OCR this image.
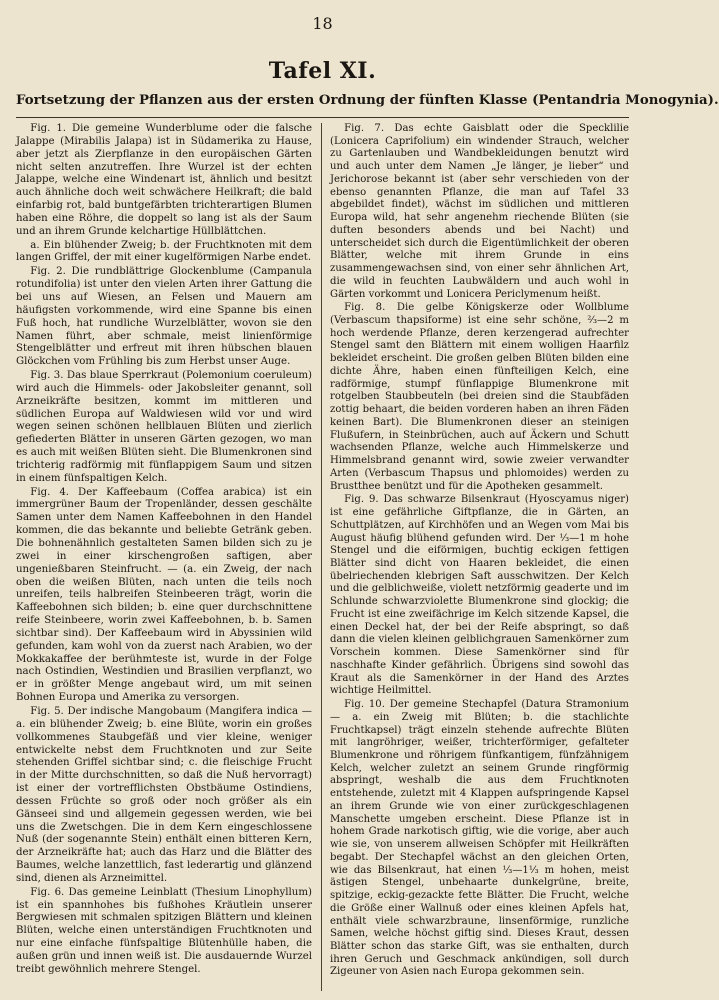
18
Tafel XI.
Fortsetzung der Pflanzen aus der ersten Ordnung der fünften Klasse (Pentandria Monogynia).

Fig. 1. Die gemeine Wunderblume oder die falsche Jalappe (Mirabilis Jalapa) ist in Südamerika zu Hause, aber jetzt als Zierpflanze in den europäischen Gärten nicht selten anzutreffen. Ihre Wurzel ist der echten Jalappe, welche eine Windenart ist, ähnlich und besitzt auch ähnliche doch weit schwächere Heilkraft; die bald einfarbig rot, bald buntgefärbten trichterartigen Blumen haben eine Röhre, die doppelt so lang ist als der Saum und an ihrem Grunde kelchartige Hüllblättchen.

a. Ein blühender Zweig; b. der Fruchtknoten mit dem langen Griffel, der mit einer kugelförmigen Narbe endet.

Fig. 2. Die rundblättrige Glockenblume (Campanula rotundifolia) ist unter den vielen Arten ihrer Gattung die bei uns auf Wiesen, an Felsen und Mauern am häufigsten vorkommende, wird eine Spanne bis einen Fuß hoch, hat rundliche Wurzelblätter, wovon sie den Namen führt, aber schmale, meist linienförmige Stengelblätter und erfreut mit ihren hübschen blauen Glöckchen vom Frühling bis zum Herbst unser Auge.

Fig. 3. Das blaue Sperrkraut (Polemonium coeruleum) wird auch die Himmels- oder Jakobsleiter genannt, soll Arzneikräfte besitzen, kommt im mittleren und südlichen Europa auf Waldwiesen wild vor und wird wegen seinen schönen hellblauen Blüten und zierlich gefiederten Blätter in unseren Gärten gezogen, wo man es auch mit weißen Blüten sieht. Die Blumenkronen sind trichterig radförmig mit fünflappigem Saum und sitzen in einem fünfspaltigen Kelch.

Fig. 4. Der Kaffeebaum (Coffea arabica) ist ein immergrüner Baum der Tropenländer, dessen geschälte Samen unter dem Namen Kaffeebohnen in den Handel kommen, die das bekannte und beliebte Getränk geben. Die bohnenähnlich gestalteten Samen bilden sich zu je zwei in einer kirschengroßen saftigen, aber ungenießbaren Steinfrucht. — (a. ein Zweig, der nach oben die weißen Blüten, nach unten die teils noch unreifen, teils halbreifen Steinbeeren trägt, worin die Kaffeebohnen sich bilden; b. eine quer durchschnittene reife Steinbeere, worin zwei Kaffeebohnen, b. b. Samen sichtbar sind). Der Kaffeebaum wird in Abyssinien wild gefunden, kam wohl von da zuerst nach Arabien, wo der Mokkakaffee der berühmteste ist, wurde in der Folge nach Ostindien, Westindien und Brasilien verpflanzt, wo er in größter Menge angebaut wird, um mit seinen Bohnen Europa und Amerika zu versorgen.

Fig. 5. Der indische Mangobaum (Mangifera indica — a. ein blühender Zweig; b. eine Blüte, worin ein großes vollkommenes Staubgefäß und vier kleine, weniger entwickelte nebst dem Fruchtknoten und zur Seite stehenden Griffel sichtbar sind; c. die fleischige Frucht in der Mitte durchschnitten, so daß die Nuß hervorragt) ist einer der vortrefflichsten Obstbäume Ostindiens, dessen Früchte so groß oder noch größer als ein Gänseei sind und allgemein gegessen werden, wie bei uns die Zwetschgen. Die in dem Kern eingeschlossene Nuß (der sogenannte Stein) enthält einen bitteren Kern, der Arzneikräfte hat; auch das Harz und die Blätter des Baumes, welche lanzettlich, fast lederartig und glänzend sind, dienen als Arzneimittel.

Fig. 6. Das gemeine Leinblatt (Thesium Linophyllum) ist ein spannhohes bis fußhohes Kräutlein unserer Bergwiesen mit schmalen spitzigen Blättern und kleinen Blüten, welche einen unterständigen Fruchtknoten und nur eine einfache fünfspaltige Blütenhülle haben, die außen grün und innen weiß ist. Die ausdauernde Wurzel treibt gewöhnlich mehrere Stengel.

Fig. 7. Das echte Gaisblatt oder die Specklilie (Lonicera Caprifolium) ein windender Strauch, welcher zu Gartenlauben und Wandbekleidungen benutzt wird und auch unter dem Namen „Je länger, je lieber“ und Jerichorose bekannt ist (aber sehr verschieden von der ebenso genannten Pflanze, die man auf Tafel 33 abgebildet findet), wächst im südlichen und mittleren Europa wild, hat sehr angenehm riechende Blüten (sie duften besonders abends und bei Nacht) und unterscheidet sich durch die Eigentümlichkeit der oberen Blätter, welche mit ihrem Grunde in eins zusammengewachsen sind, von einer sehr ähnlichen Art, die wild in feuchten Laubwäldern und auch wohl in Gärten vorkommt und Lonicera Periclymenum heißt.

Fig. 8. Die gelbe Königskerze oder Wollblume (Verbascum thapsiforme) ist eine sehr schöne, ²⁄₃—2 m hoch werdende Pflanze, deren kerzengerad aufrechter Stengel samt den Blättern mit einem wolligen Haarfilz bekleidet erscheint. Die großen gelben Blüten bilden eine dichte Ähre, haben einen fünfteiligen Kelch, eine radförmige, stumpf fünflappige Blumenkrone mit rotgelben Staubbeuteln (bei dreien sind die Staubfäden zottig behaart, die beiden vorderen haben an ihren Fäden keinen Bart). Die Blumenkronen dieser an steinigen Flußufern, in Steinbrüchen, auch auf Äckern und Schutt wachsenden Pflanze, welche auch Himmelskerze und Himmelsbrand genannt wird, sowie zweier verwandter Arten (Verbascum Thapsus und phlomoides) werden zu Brustthee benützt und für die Apotheken gesammelt.

Fig. 9. Das schwarze Bilsenkraut (Hyoscyamus niger) ist eine gefährliche Giftpflanze, die in Gärten, an Schuttplätzen, auf Kirchhöfen und an Wegen vom Mai bis August häufig blühend gefunden wird. Der ¹⁄₃—1 m hohe Stengel und die eiförmigen, buchtig eckigen fettigen Blätter sind dicht von Haaren bekleidet, die einen übelriechenden klebrigen Saft ausschwitzen. Der Kelch und die gelblichweiße, violett netzförmig geaderte und im Schlunde schwarzviolette Blumenkrone sind glockig; die Frucht ist eine zweifächrige im Kelch sitzende Kapsel, die einen Deckel hat, der bei der Reife abspringt, so daß dann die vielen kleinen gelblichgrauen Samenkörner zum Vorschein kommen. Diese Samenkörner sind für naschhafte Kinder gefährlich. Übrigens sind sowohl das Kraut als die Samenkörner in der Hand des Arztes wichtige Heilmittel.

Fig. 10. Der gemeine Stechapfel (Datura Stramonium — a. ein Zweig mit Blüten; b. die stachlichte Fruchtkapsel) trägt einzeln stehende aufrechte Blüten mit langröhriger, weißer, trichterförmiger, gefalteter Blumenkrone und röhrigem fünfkantigem, fünfzähnigem Kelch, welcher zuletzt an seinem Grunde ringförmig abspringt, weshalb die aus dem Fruchtknoten entstehende, zuletzt mit 4 Klappen aufspringende Kapsel an ihrem Grunde wie von einer zurückgeschlagenen Manschette umgeben erscheint. Diese Pflanze ist in hohem Grade narkotisch giftig, wie die vorige, aber auch wie sie, von unserem allweisen Schöpfer mit Heilkräften begabt. Der Stechapfel wächst an den gleichen Orten, wie das Bilsenkraut, hat einen ¹⁄₃—1¹⁄₃ m hohen, meist ästigen Stengel, unbehaarte dunkelgrüne, breite, spitzige, eckig-gezackte fette Blätter. Die Frucht, welche die Größe einer Wallnuß oder eines kleinen Apfels hat, enthält viele schwarzbraune, linsenförmige, runzliche Samen, welche höchst giftig sind. Dieses Kraut, dessen Blätter schon das starke Gift, was sie enthalten, durch ihren Geruch und Geschmack ankündigen, soll durch Zigeuner von Asien nach Europa gekommen sein.
